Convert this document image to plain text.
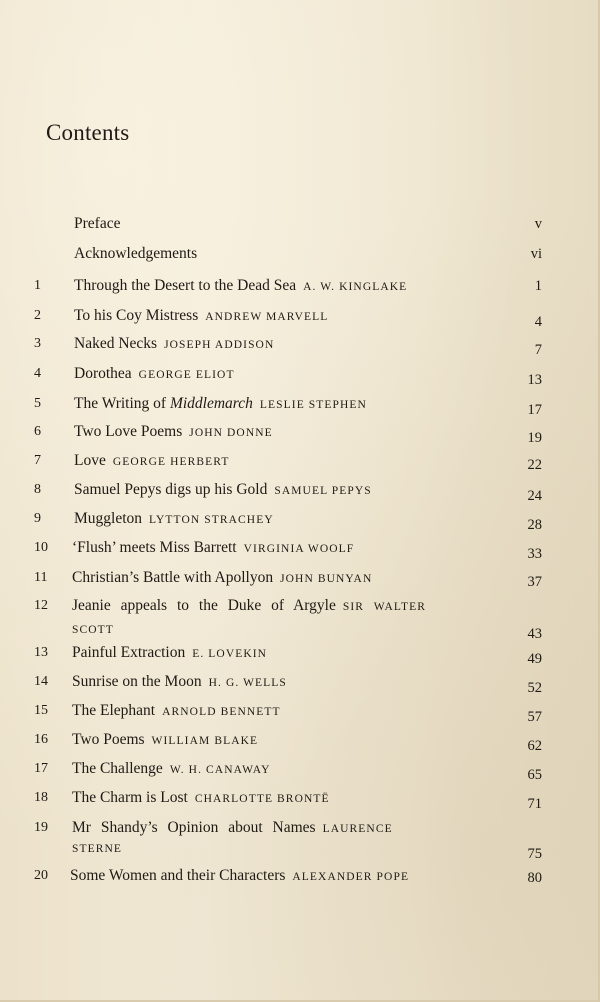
Contents
Preface	v
Acknowledgements	vi
1	Through the Desert to the Dead Sea A. W. KINGLAKE	1
2	To his Coy Mistress ANDREW MARVELL	4
3	Naked Necks JOSEPH ADDISON	7
4	Dorothea GEORGE ELIOT	13
5	The Writing of Middlemarch LESLIE STEPHEN	17
6	Two Love Poems JOHN DONNE	19
7	Love GEORGE HERBERT	22
8	Samuel Pepys digs up his Gold SAMUEL PEPYS	24
9	Muggleton LYTTON STRACHEY	28
10	‘Flush’ meets Miss Barrett VIRGINIA WOOLF	33
11	Christian’s Battle with Apollyon JOHN BUNYAN	37
12	Jeanie appeals to the Duke of Argyle SIR WALTER
SCOTT	43
13	Painful Extraction E. LOVEKIN	49
14	Sunrise on the Moon H. G. WELLS	52
15	The Elephant ARNOLD BENNETT	57
16	Two Poems WILLIAM BLAKE	62
17	The Challenge W. H. CANAWAY	65
18	The Charm is Lost CHARLOTTE BRONTË	71
19	Mr Shandy’s Opinion about Names LAURENCE
STERNE	75
20	Some Women and their Characters ALEXANDER POPE	80
